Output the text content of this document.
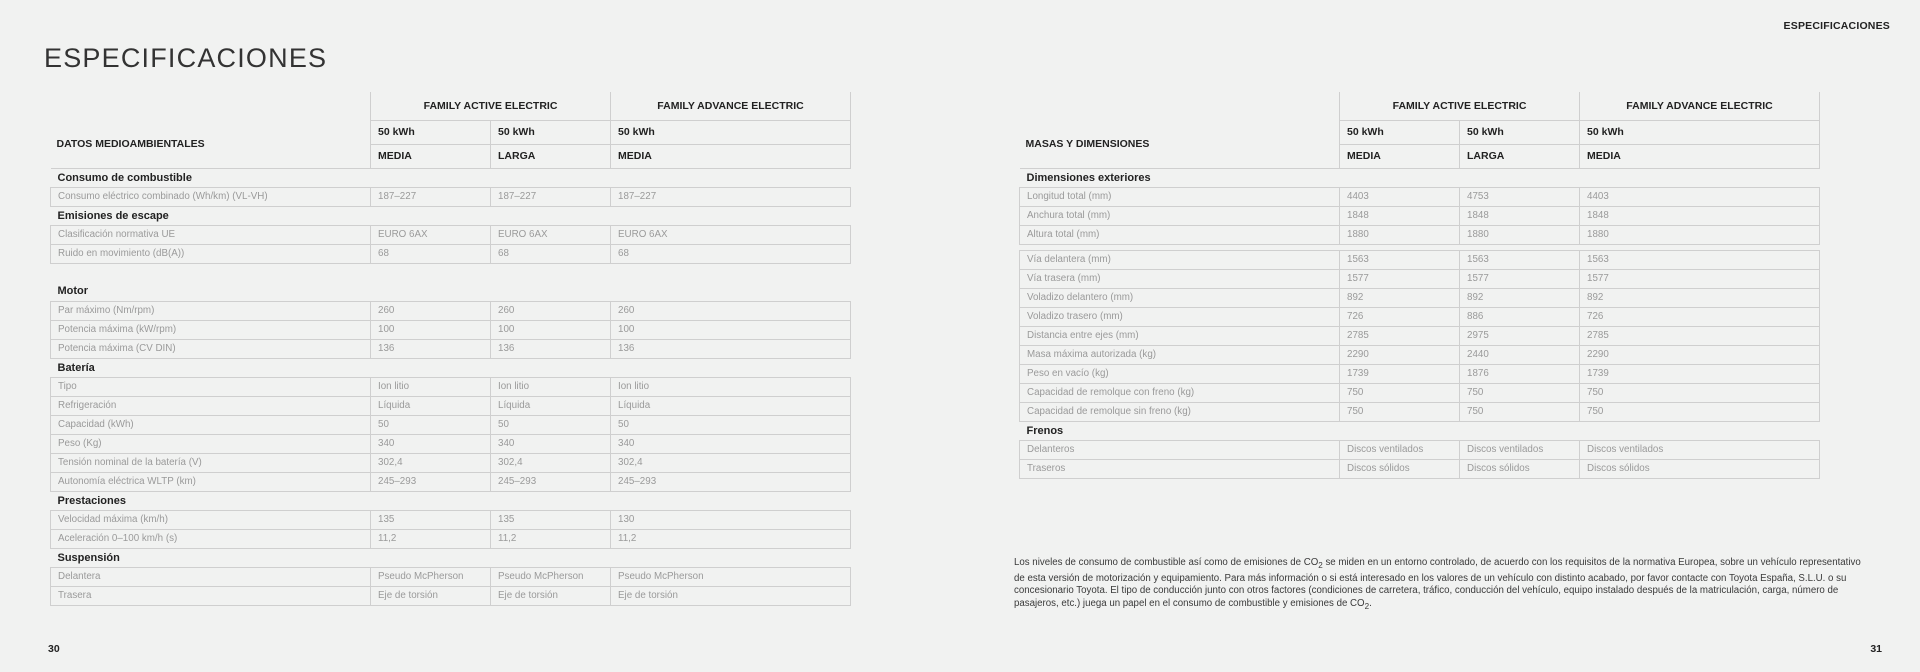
ESPECIFICACIONES
ESPECIFICACIONES
	FAMILY ACTIVE ELECTRIC		FAMILY ADVANCE ELECTRIC
DATOS MEDIOAMBIENTALES	50 kWh	50 kWh	50 kWh
	MEDIA	LARGA	MEDIA
Consumo de combustible			
Consumo eléctrico combinado (Wh/km) (VL-VH)	187–227	187–227	187–227
Emisiones de escape			
Clasificación normativa UE	EURO 6AX	EURO 6AX	EURO 6AX
Ruido en movimiento (dB(A))	68	68	68

Motor			
Par máximo (Nm/rpm)	260	260	260
Potencia máxima (kW/rpm)	100	100	100
Potencia máxima (CV DIN)	136	136	136
Batería			
Tipo	Ion litio	Ion litio	Ion litio
Refrigeración	Líquida	Líquida	Líquida
Capacidad (kWh)	50	50	50
Peso (Kg)	340	340	340
Tensión nominal de la batería (V)	302,4	302,4	302,4
Autonomía eléctrica WLTP (km)	245–293	245–293	245–293
Prestaciones			
Velocidad máxima (km/h)	135	135	130
Aceleración 0–100 km/h (s)	11,2	11,2	11,2
Suspensión			
Delantera	Pseudo McPherson	Pseudo McPherson	Pseudo McPherson
Trasera	Eje de torsión	Eje de torsión	Eje de torsión
	FAMILY ACTIVE ELECTRIC		FAMILY ADVANCE ELECTRIC
MASAS Y DIMENSIONES	50 kWh	50 kWh	50 kWh
	MEDIA	LARGA	MEDIA
Dimensiones exteriores			
Longitud total (mm)	4403	4753	4403
Anchura total (mm)	1848	1848	1848
Altura total (mm)	1880	1880	1880

Vía delantera (mm)	1563	1563	1563
Vía trasera (mm)	1577	1577	1577
Voladizo delantero (mm)	892	892	892
Voladizo trasero (mm)	726	886	726
Distancia entre ejes (mm)	2785	2975	2785
Masa máxima autorizada (kg)	2290	2440	2290
Peso en vacío (kg)	1739	1876	1739
Capacidad de remolque con freno (kg)	750	750	750
Capacidad de remolque sin freno (kg)	750	750	750
Frenos			
Delanteros	Discos ventilados	Discos ventilados	Discos ventilados
Traseros	Discos sólidos	Discos sólidos	Discos sólidos

Los niveles de consumo de combustible así como de emisiones de $CO_2$ se miden en un entorno controlado, de acuerdo con los requisitos de la normativa Europea, sobre un vehículo representativo de esta versión de motorización y equipamiento. Para más información o si está interesado en los valores de un vehículo con distinto acabado, por favor contacte con Toyota España, S.L.U. o su concesionario Toyota. El tipo de conducción junto con otros factores (condiciones de carretera, tráfico, conducción del vehículo, equipo instalado después de la matriculación, carga, número de pasajeros, etc.) juega un papel en el consumo de combustible y emisiones de $CO_2$.

30	31
